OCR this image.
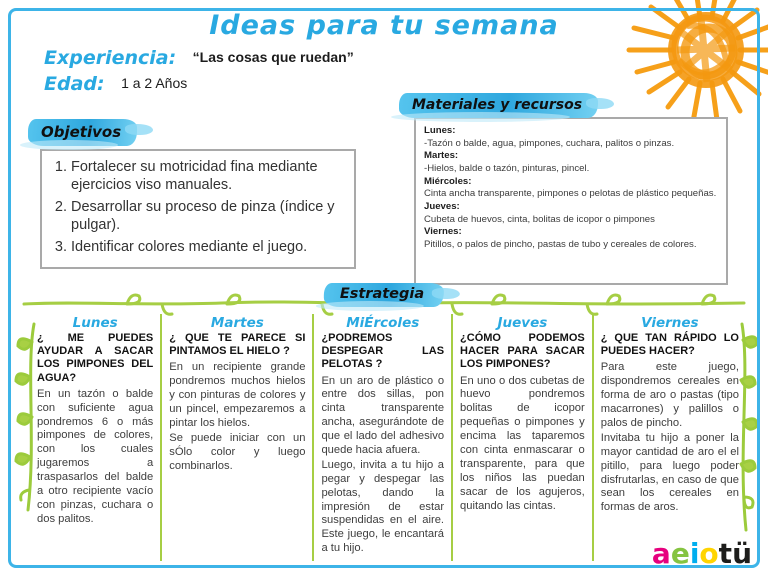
Ideas para tu semana
Experiencia: “Las cosas que ruedan”
Edad: 1 a 2 Años
Objetivos
1. Fortalecer su motricidad fina mediante ejercicios viso manuales.
2. Desarrollar su proceso de pinza (índice y pulgar).
3. Identificar colores mediante el juego.
Materiales y recursos
Lunes:
-Tazón o balde, agua, pimpones, cuchara, palitos o pinzas.
Martes:
-Hielos, balde o tazón, pinturas, pincel.
Miércoles:
Cinta ancha transparente, pimpones o pelotas de plástico pequeñas.
Jueves:
Cubeta de huevos, cinta, bolitas de icopor o pimpones
Viernes:
Pitillos, o palos de pincho, pastas de tubo y cereales de colores.
Estrategia
Lunes
¿ ME PUEDES AYUDAR A SACAR LOS PIMPONES DEL AGUA?

En un tazón o balde con suficiente agua pondremos 6 o más pimpones de colores, con los cuales jugaremos a traspasarlos del balde a otro recipiente vacío con pinzas, cuchara o dos palitos.

Martes
¿ QUE TE PARECE SI PINTAMOS EL HIELO ?

En un recipiente grande pondremos muchos hielos y con pinturas de colores y un pincel, empezaremos a pintar los hielos.

Se puede iniciar con un sÓlo color y luego combinarlos.

MiÉrcoles
¿PODREMOS DESPEGAR LAS PELOTAS ?

En un aro de plástico o entre dos sillas, pon cinta transparente ancha, asegurándote de que el lado del adhesivo quede hacia afuera.

Luego, invita a tu hijo a pegar y despegar las pelotas, dando la impresión de estar suspendidas en el aire. Este juego, le encantará a tu hijo.

Jueves
¿CÓMO PODEMOS HACER PARA SACAR LOS PIMPONES?

En uno o dos cubetas de huevo pondremos bolitas de icopor pequeñas o pimpones y encima las taparemos con cinta enmascarar o transparente, para que los niños las puedan sacar de los agujeros, quitando las cintas.

Viernes
¿ QUE TAN RÁPIDO LO PUEDES HACER?

Para este juego, dispondremos cereales en forma de aro o pastas (tipo macarrones) y palillos o palos de pincho.

Invitaba tu hijo a poner la mayor cantidad de aro el el pitillo, para luego poder disfrutarlas, en caso de que sean los cereales en formas de aros.

aeiotü
